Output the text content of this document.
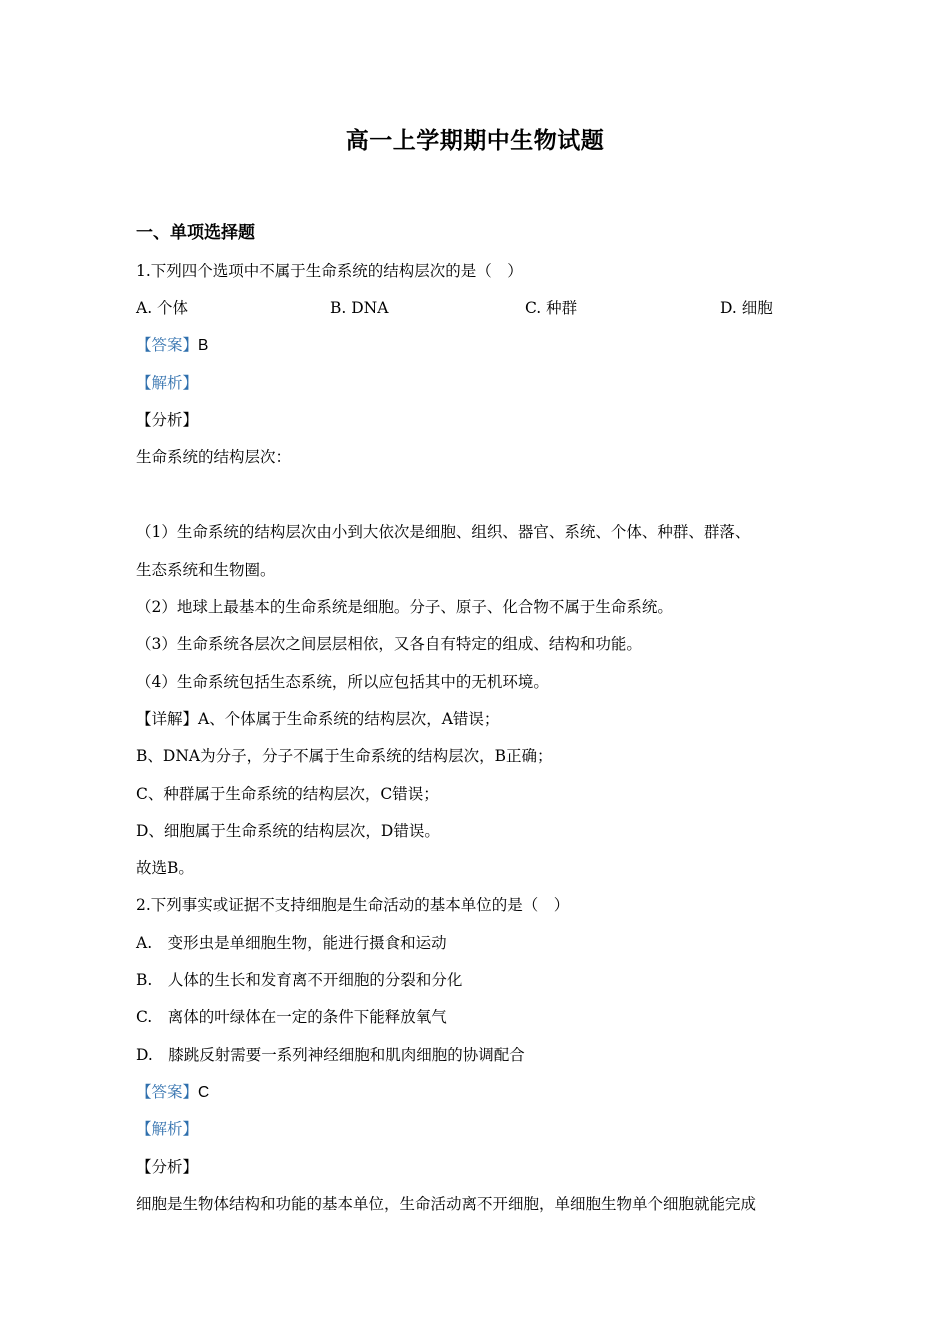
高一上学期期中生物试题
一、单项选择题
1.下列四个选项中不属于生命系统的结构层次的是（　）
A. 个体	B. DNA	C. 种群	D. 细胞
【答案】B
【解析】
【分析】
生命系统的结构层次：
（1）生命系统的结构层次由小到大依次是细胞、组织、器官、系统、个体、种群、群落、
生态系统和生物圈。
（2）地球上最基本的生命系统是细胞。分子、原子、化合物不属于生命系统。
（3）生命系统各层次之间层层相依，又各自有特定的组成、结构和功能。
（4）生命系统包括生态系统，所以应包括其中的无机环境。
【详解】A、个体属于生命系统的结构层次，A错误；
B、DNA为分子，分子不属于生命系统的结构层次，B正确；
C、种群属于生命系统的结构层次，C错误；
D、细胞属于生命系统的结构层次，D错误。
故选B。
2.下列事实或证据不支持细胞是生命活动的基本单位的是（　）
A.　变形虫是单细胞生物，能进行摄食和运动
B.　人体的生长和发育离不开细胞的分裂和分化
C.　离体的叶绿体在一定的条件下能释放氧气
D.　膝跳反射需要一系列神经细胞和肌肉细胞的协调配合
【答案】C
【解析】
【分析】
细胞是生物体结构和功能的基本单位，生命活动离不开细胞，单细胞生物单个细胞就能完成
